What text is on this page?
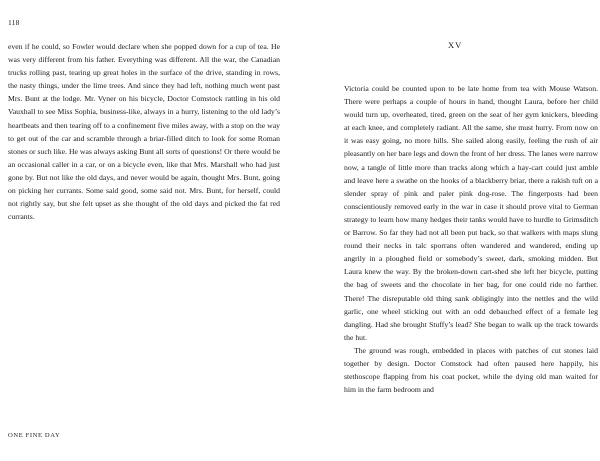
118

even if he could, so Fowler would declare when she popped down for a cup of tea. He was very different from his father. Everything was different. All the war, the Canadian trucks rolling past, tearing up great holes in the surface of the drive, standing in rows, the nasty things, under the lime trees. And since they had left, nothing much went past Mrs. Bunt at the lodge. Mr. Vyner on his bicycle, Doctor Comstock rattling in his old Vauxhall to see Miss Sophia, business-like, always in a hurry, listening to the old lady’s heartbeats and then tearing off to a confinement five miles away, with a stop on the way to get out of the car and scramble through a briar-filled ditch to look for some Roman stones or such like. He was always asking Bunt all sorts of questions! Or there would be an occasional caller in a car, or on a bicycle even, like that Mrs. Marshall who had just gone by. But not like the old days, and never would be again, thought Mrs. Bunt, going on picking her currants. Some said good, some said not. Mrs. Bunt, for herself, could not rightly say, but she felt upset as she thought of the old days and picked the fat red currants.

ONE FINE DAY
XV

Victoria could be counted upon to be late home from tea with Mouse Watson. There were perhaps a couple of hours in hand, thought Laura, before her child would turn up, overheated, tired, green on the seat of her gym knickers, bleeding at each knee, and completely radiant. All the same, she must hurry. From now on it was easy going, no more hills. She sailed along easily, feeling the rush of air pleasantly on her bare legs and down the front of her dress. The lanes were narrow now, a tangle of little more than tracks along which a hay-cart could just amble and leave here a swathe on the hooks of a blackberry briar, there a rakish tuft on a slender spray of pink and paler pink dog-rose. The fingerposts had been conscientiously removed early in the war in case it should prove vital to German strategy to learn how many hedges their tanks would have to hurdle to Grimsditch or Barrow. So far they had not all been put back, so that walkers with maps slung round their necks in talc sporrans often wandered and wandered, ending up angrily in a ploughed field or somebody’s sweet, dark, smoking midden. But Laura knew the way. By the broken-down cart-shed she left her bicycle, putting the bag of sweets and the chocolate in her bag, for one could ride no farther. There! The disreputable old thing sank obligingly into the nettles and the wild garlic, one wheel sticking out with an odd debauched effect of a female leg dangling. Had she brought Stuffy’s lead? She began to walk up the track towards the hut.

The ground was rough, embedded in places with patches of cut stones laid together by design. Doctor Comstock had often paused here happily, his stethoscope flapping from his coat pocket, while the dying old man waited for him in the farm bedroom and
